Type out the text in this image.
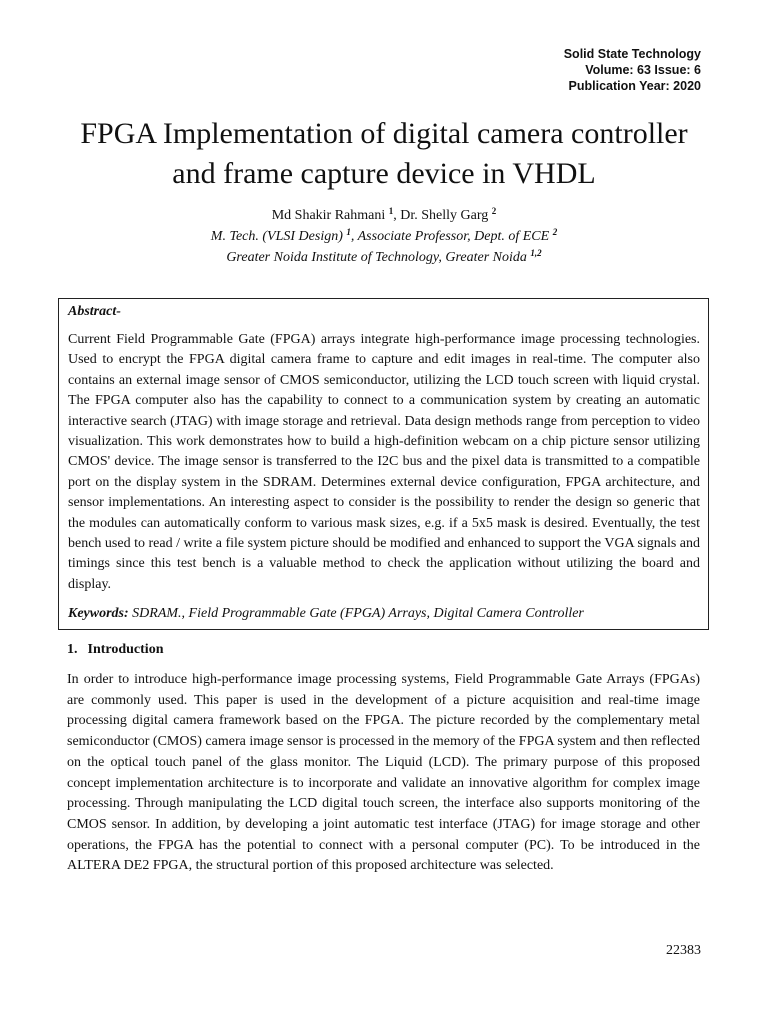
Solid State Technology
Volume: 63 Issue: 6
Publication Year: 2020
FPGA Implementation of digital camera controller
and frame capture device in VHDL
Md Shakir Rahmani $^1$, Dr. Shelly Garg $^2$
M. Tech. (VLSI Design) $^1$, Associate Professor, Dept. of ECE $^2$
Greater Noida Institute of Technology, Greater Noida $^{1,2}$

Abstract-

Current Field Programmable Gate (FPGA) arrays integrate high-performance image processing technologies. Used to encrypt the FPGA digital camera frame to capture and edit images in real-time. The computer also contains an external image sensor of CMOS semiconductor, utilizing the LCD touch screen with liquid crystal. The FPGA computer also has the capability to connect to a communication system by creating an automatic interactive search (JTAG) with image storage and retrieval. Data design methods range from perception to video visualization. This work demonstrates how to build a high-definition webcam on a chip picture sensor utilizing CMOS' device. The image sensor is transferred to the I2C bus and the pixel data is transmitted to a compatible port on the display system in the SDRAM. Determines external device configuration, FPGA architecture, and sensor implementations. An interesting aspect to consider is the possibility to render the design so generic that the modules can automatically conform to various mask sizes, e.g. if a 5x5 mask is desired. Eventually, the test bench used to read / write a file system picture should be modified and enhanced to support the VGA signals and timings since this test bench is a valuable method to check the application without utilizing the board and display.

Keywords: SDRAM., Field Programmable Gate (FPGA) Arrays, Digital Camera Controller

1. Introduction

In order to introduce high-performance image processing systems, Field Programmable Gate Arrays (FPGAs) are commonly used. This paper is used in the development of a picture acquisition and real-time image processing digital camera framework based on the FPGA. The picture recorded by the complementary metal semiconductor (CMOS) camera image sensor is processed in the memory of the FPGA system and then reflected on the optical touch panel of the glass monitor. The Liquid (LCD). The primary purpose of this proposed concept implementation architecture is to incorporate and validate an innovative algorithm for complex image processing. Through manipulating the LCD digital touch screen, the interface also supports monitoring of the CMOS sensor. In addition, by developing a joint automatic test interface (JTAG) for image storage and other operations, the FPGA has the potential to connect with a personal computer (PC). To be introduced in the ALTERA DE2 FPGA, the structural portion of this proposed architecture was selected.

22383
